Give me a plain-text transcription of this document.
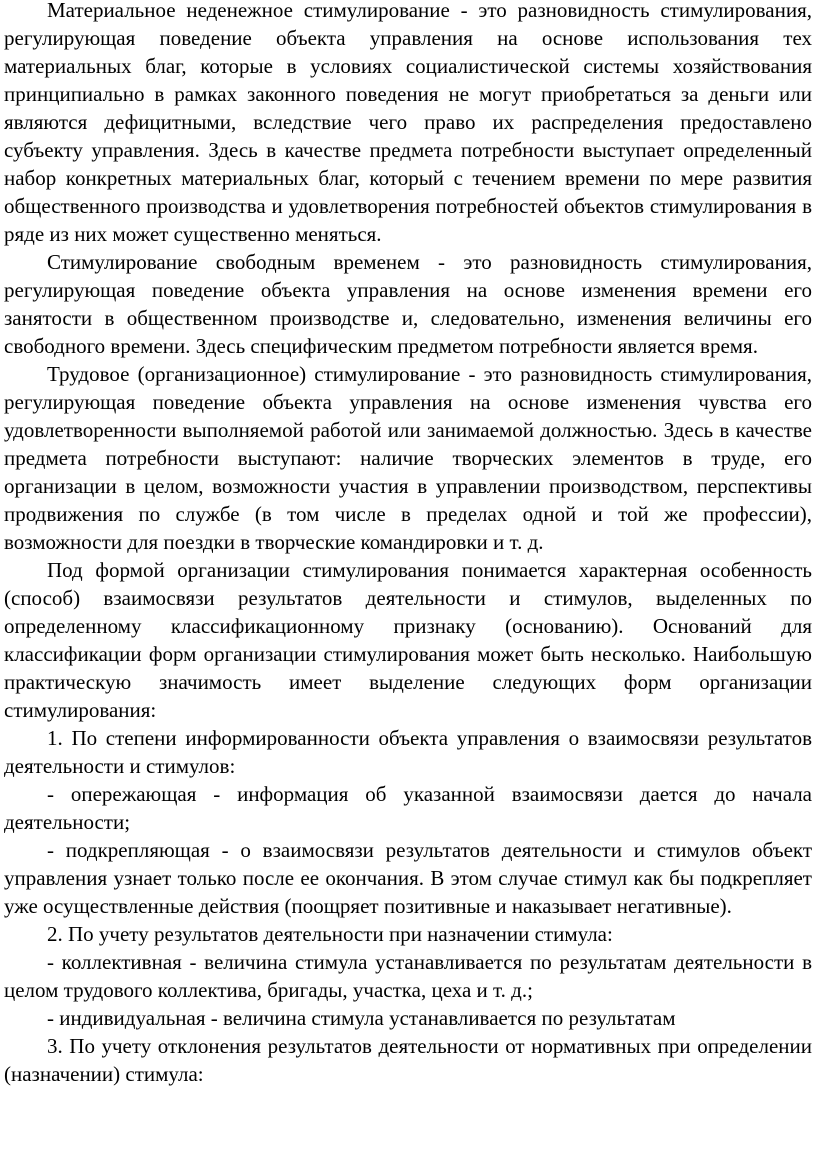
Материальное неденежное стимулирование - это разновидность стимулирования, регулирующая поведение объекта управления на основе использования тех материальных благ, которые в условиях социалистической системы хозяйствования принципиально в рамках законного поведения не могут приобретаться за деньги или являются дефицитными, вследствие чего право их распределения предоставлено субъекту управления. Здесь в качестве предмета потребности выступает определенный набор конкретных материальных благ, который с течением времени по мере развития общественного производства и удовлетворения потребностей объектов стимулирования в ряде из них может существенно меняться.

Стимулирование свободным временем - это разновидность стимулирования, регулирующая поведение объекта управления на основе изменения времени его занятости в общественном производстве и, следовательно, изменения величины его свободного времени. Здесь специфическим предметом потребности является время.

Трудовое (организационное) стимулирование - это разновидность стимулирования, регулирующая поведение объекта управления на основе изменения чувства его удовлетворенности выполняемой работой или занимаемой должностью. Здесь в качестве предмета потребности выступают: наличие творческих элементов в труде, его организации в целом, возможности участия в управлении производством, перспективы продвижения по службе (в том числе в пределах одной и той же профессии), возможности для поездки в творческие командировки и т. д.

Под формой организации стимулирования понимается характерная особенность (способ) взаимосвязи результатов деятельности и стимулов, выделенных по определенному классификационному признаку (основанию). Оснований для классификации форм организации стимулирования может быть несколько. Наибольшую практическую значимость имеет выделение следующих форм организации стимулирования:

1. По степени информированности объекта управления о взаимосвязи результатов деятельности и стимулов:

- опережающая - информация об указанной взаимосвязи дается до начала деятельности;

- подкрепляющая - о взаимосвязи результатов деятельности и стимулов объект управления узнает только после ее окончания. В этом случае стимул как бы подкрепляет уже осуществленные действия (поощряет позитивные и наказывает негативные).

2. По учету результатов деятельности при назначении стимула:

- коллективная - величина стимула устанавливается по результатам деятельности в целом трудового коллектива, бригады, участка, цеха и т. д.;

- индивидуальная - величина стимула устанавливается по результатам

3. По учету отклонения результатов деятельности от нормативных при определении (назначении) стимула:
